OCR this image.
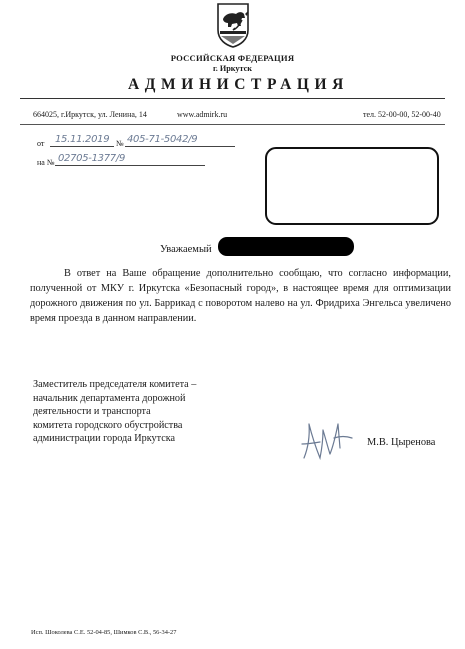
РОССИЙСКАЯ ФЕДЕРАЦИЯ
г. Иркутск
АДМИНИСТРАЦИЯ
664025, г.Иркутск, ул. Ленина, 14	www.admirk.ru	тел. 52-00-00, 52-00-40
от 15.11.2019 № 405-71-5042/9
на № 02705-1377/9
Уважаемый

В ответ на Ваше обращение дополнительно сообщаю, что согласно информации, полученной от МКУ г. Иркутска «Безопасный город», в настоящее время для оптимизации дорожного движения по ул. Баррикад с поворотом налево на ул. Фридриха Энгельса увеличено время проезда в данном направлении.

Заместитель председателя комитета –
начальник департамента дорожной
деятельности и транспорта
комитета городского обустройства
администрации города Иркутска	М.В. Цыренова
Исп. Шоколева С.Е. 52-04-85, Шимков С.В., 56-34-27
